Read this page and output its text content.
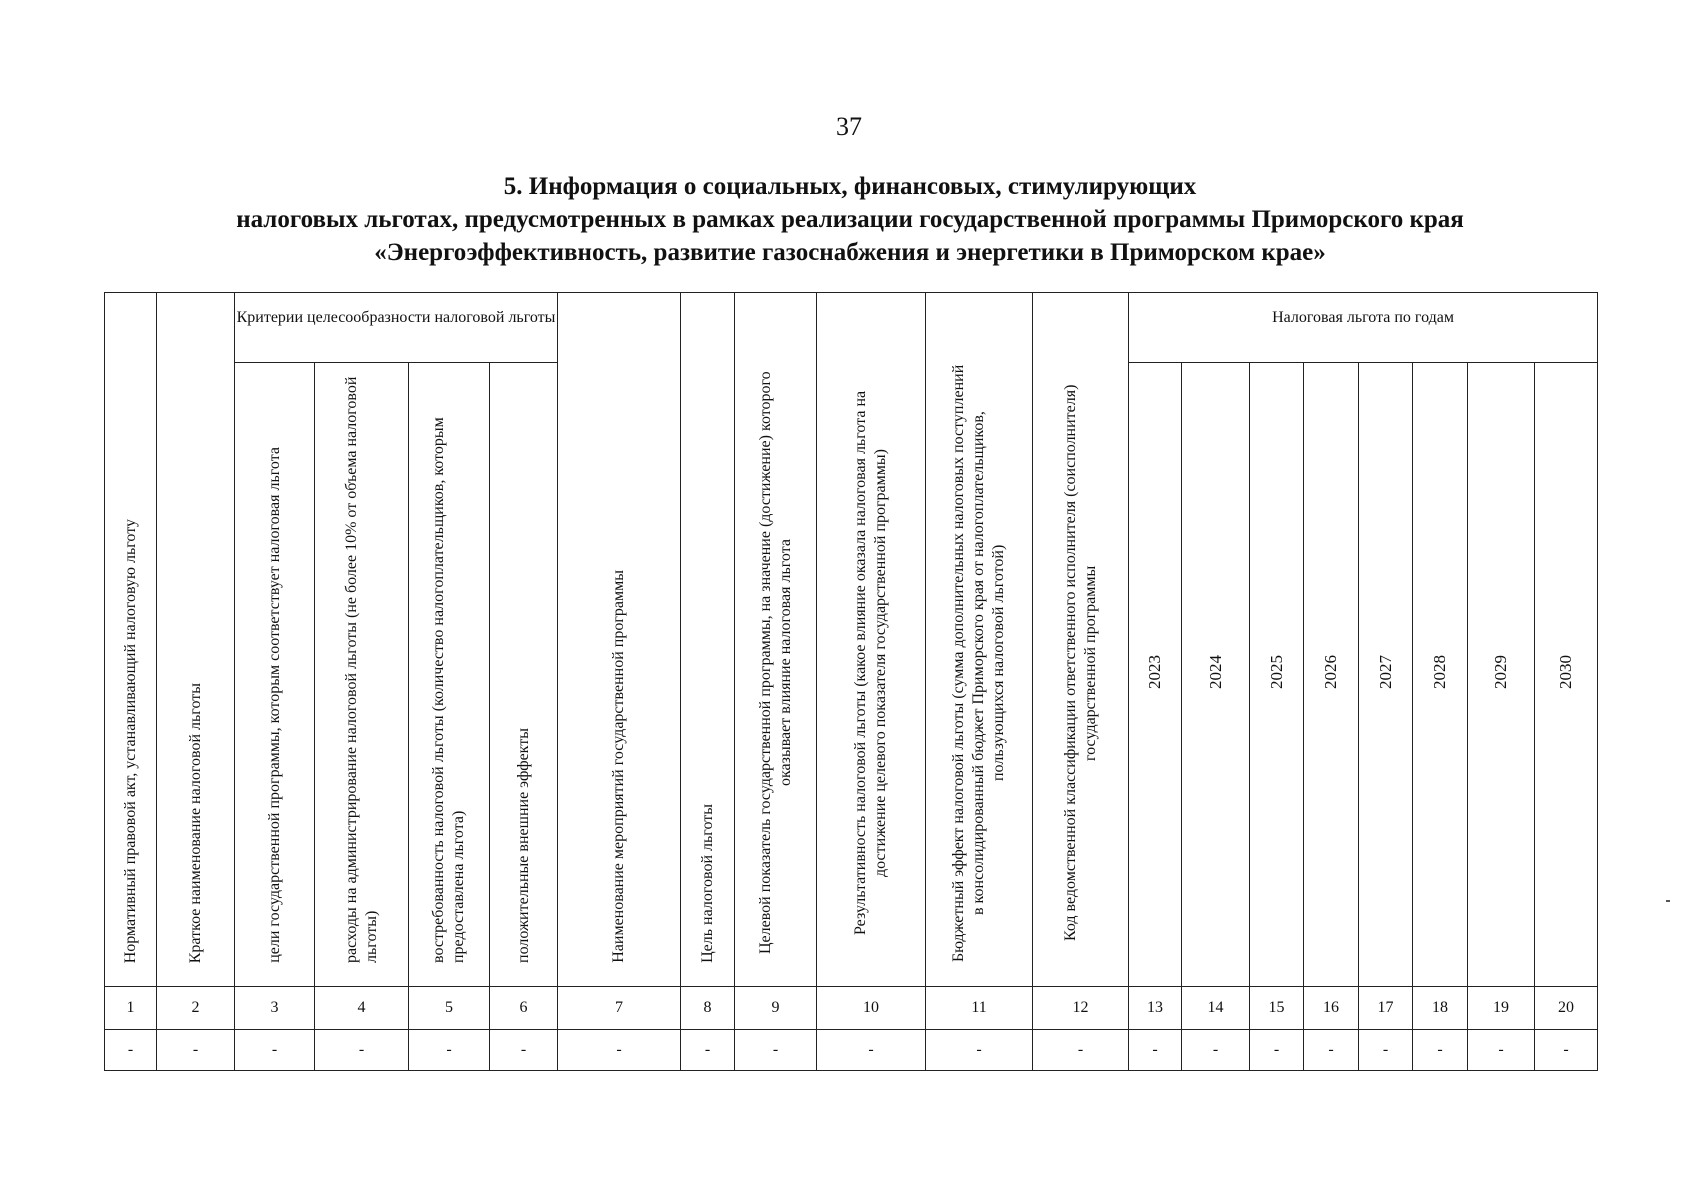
37
5. Информация о социальных, финансовых, стимулирующих
налоговых льготах, предусмотренных в рамках реализации государственной программы Приморского края
«Энергоэффективность, развитие газоснабжения и энергетики в Приморском крае»
Нормативный правовой акт, устанавливающий налоговую льготу	Краткое наименование налоговой льготы	Критерии целесообразности налоговой льготы				Наименование мероприятий государственной программы	Цель налоговой льготы	Целевой показатель государственной программы, на значение (достижение) которого оказывает влияние налоговая льгота	Результативность налоговой льготы (какое влияние оказала налоговая льгота на достижение целевого показателя государственной программы)	Бюджетный эффект налоговой льготы (сумма дополнительных налоговых поступлений в консолидированный бюджет Приморского края от налогоплательщиков, пользующихся налоговой льготой)	Код ведомственной классификации ответственного исполнителя (соисполнителя) государственной программы	Налоговая льгота по годам							
		цели государственной программы, которым соответствует налоговая льгота	расходы на администрирование налоговой льготы (не более 10% от объема налоговой льготы)	востребованность налоговой льготы (количество налогоплательщиков, которым предоставлена льгота)	положительные внешние эффекты							2023	2024	2025	2026	2027	2028	2029	2030
1	2	3	4	5	6	7	8	9	10	11	12	13	14	15	16	17	18	19	20
-	-	-	-	-	-	-	-	-	-	-	-	-	-	-	-	-	-	-	-
